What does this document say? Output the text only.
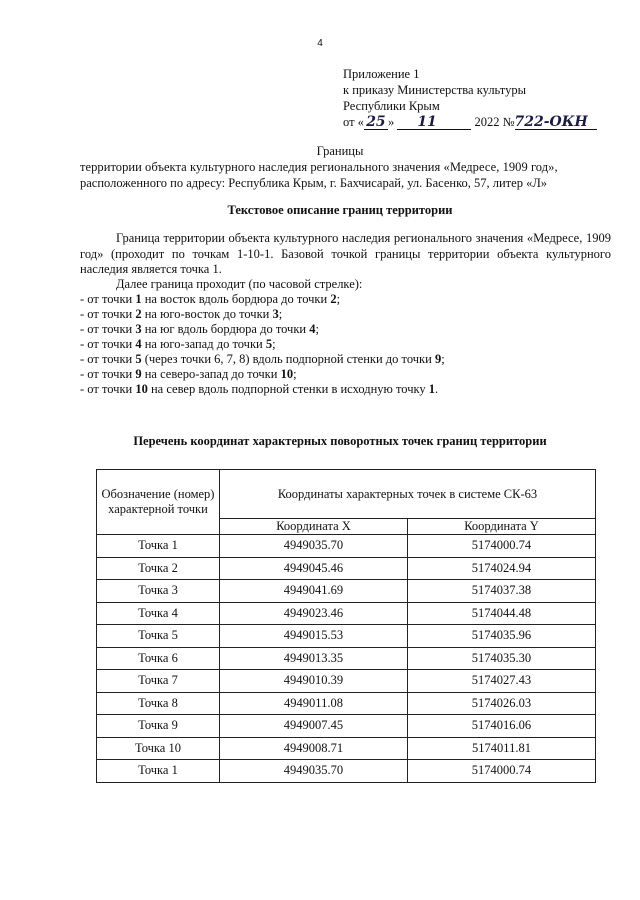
4
Приложение 1
к приказу Министерства культуры
Республики Крым
от « 25 » 11	2022 №722-ОКН
Границы
территории объекта культурного наследия регионального значения «Медресе, 1909 год»,
расположенного по адресу: Республика Крым, г. Бахчисарай, ул. Басенко, 57, литер «Л»
Текстовое описание границ территории
Граница территории объекта культурного наследия регионального значения «Медресе, 1909 год» (проходит по точкам 1-10-1. Базовой точкой границы территории объекта культурного наследия является точка 1.
Далее граница проходит (по часовой стрелке):
- от точки 1 на восток вдоль бордюра до точки 2;
- от точки 2 на юго-восток до точки 3;
- от точки 3 на юг вдоль бордюра до точки 4;
- от точки 4 на юго-запад до точки 5;
- от точки 5 (через точки 6, 7, 8) вдоль подпорной стенки до точки 9;
- от точки 9 на северо-запад до точки 10;
- от точки 10 на север вдоль подпорной стенки в исходную точку 1.
Перечень координат характерных поворотных точек границ территории
Обозначение (номер) характерной точки	Координаты характерных точек в системе СК-63	
	Координата X	Координата Y
Точка 1	4949035.70	5174000.74
Точка 2	4949045.46	5174024.94
Точка 3	4949041.69	5174037.38
Точка 4	4949023.46	5174044.48
Точка 5	4949015.53	5174035.96
Точка 6	4949013.35	5174035.30
Точка 7	4949010.39	5174027.43
Точка 8	4949011.08	5174026.03
Точка 9	4949007.45	5174016.06
Точка 10	4949008.71	5174011.81
Точка 1	4949035.70	5174000.74
